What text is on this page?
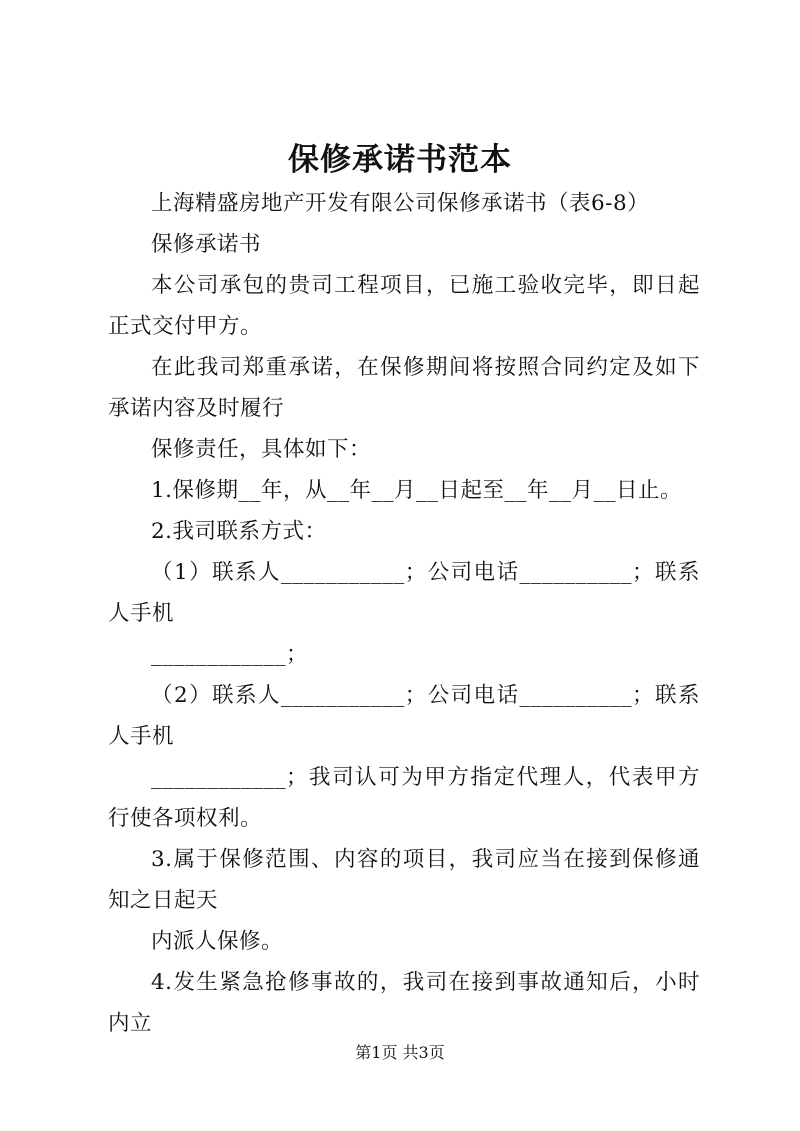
保修承诺书范本

上海精盛房地产开发有限公司保修承诺书（表6-8）

保修承诺书

本公司承包的贵司工程项目，已施工验收完毕，即日起正式交付甲方。

在此我司郑重承诺，在保修期间将按照合同约定及如下承诺内容及时履行

保修责任，具体如下：

1.保修期__年，从__年__月__日起至__年__月__日止。

2.我司联系方式：

（1）联系人___________；公司电话__________；联系人手机

____________；

（2）联系人___________；公司电话__________；联系人手机

____________；我司认可为甲方指定代理人，代表甲方行使各项权利。

3.属于保修范围、内容的项目，我司应当在接到保修通知之日起天

内派人保修。

4.发生紧急抢修事故的，我司在接到事故通知后，小时内立

第1页 共3页
